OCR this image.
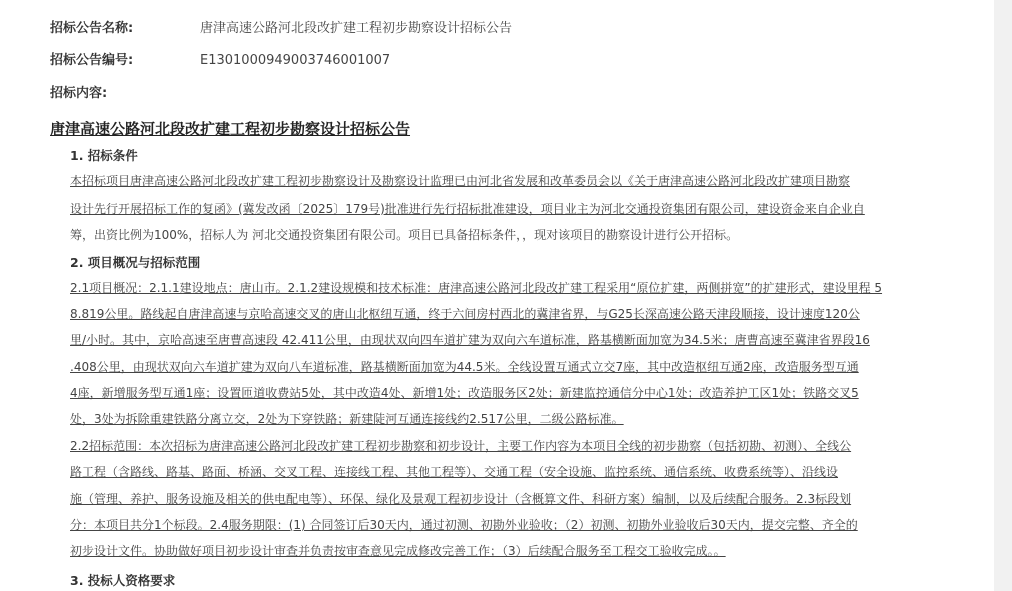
招标公告名称:	唐津高速公路河北段改扩建工程初步勘察设计招标公告
招标公告编号:	E1301000949003746001007
招标内容:
唐津高速公路河北段改扩建工程初步勘察设计招标公告
1. 招标条件
本招标项目唐津高速公路河北段改扩建工程初步勘察设计及勘察设计监理已由河北省发展和改革委员会以《关于唐津高速公路河北段改扩建项目勘察
设计先行开展招标工作的复函》(冀发改函〔2025〕179号)批准进行先行招标批准建设，项目业主为河北交通投资集团有限公司，建设资金来自企业自
筹，出资比例为100%，招标人为 河北交通投资集团有限公司。项目已具备招标条件，，现对该项目的勘察设计进行公开招标。
2. 项目概况与招标范围
2.1项目概况：2.1.1建设地点：唐山市。2.1.2建设规模和技术标准：唐津高速公路河北段改扩建工程采用“原位扩建，两侧拼宽”的扩建形式，建设里程 5
8.819公里。路线起自唐津高速与京哈高速交叉的唐山北枢纽互通，终于六间房村西北的冀津省界，与G25长深高速公路天津段顺接，设计速度120公
里/小时。其中，京哈高速至唐曹高速段 42.411公里，由现状双向四车道扩建为双向六车道标准，路基横断面加宽为34.5米；唐曹高速至冀津省界段16
.408公里，由现状双向六车道扩建为双向八车道标准，路基横断面加宽为44.5米。全线设置互通式立交7座，其中改造枢纽互通2座，改造服务型互通
4座，新增服务型互通1座；设置匝道收费站5处，其中改造4处、新增1处；改造服务区2处；新建监控通信分中心1处；改造养护工区1处；铁路交叉5
处，3处为拆除重建铁路分离立交，2处为下穿铁路；新建陡河互通连接线约2.517公里，二级公路标准。
2.2招标范围：本次招标为唐津高速公路河北段改扩建工程初步勘察和初步设计，主要工作内容为本项目全线的初步勘察（包括初勘、初测）、全线公
路工程（含路线、路基、路面、桥涵、交叉工程、连接线工程、其他工程等）、交通工程（安全设施、监控系统、通信系统、收费系统等）、沿线设
施（管理、养护、服务设施及相关的供电配电等）、环保、绿化及景观工程初步设计（含概算文件、科研方案）编制，以及后续配合服务。2.3标段划
分：本项目共分1个标段。2.4服务期限：(1) 合同签订后30天内，通过初测、初勘外业验收；（2）初测、初勘外业验收后30天内，提交完整、齐全的
初步设计文件。协助做好项目初步设计审查并负责按审查意见完成修改完善工作；（3）后续配合服务至工程交工验收完成。。
3. 投标人资格要求
